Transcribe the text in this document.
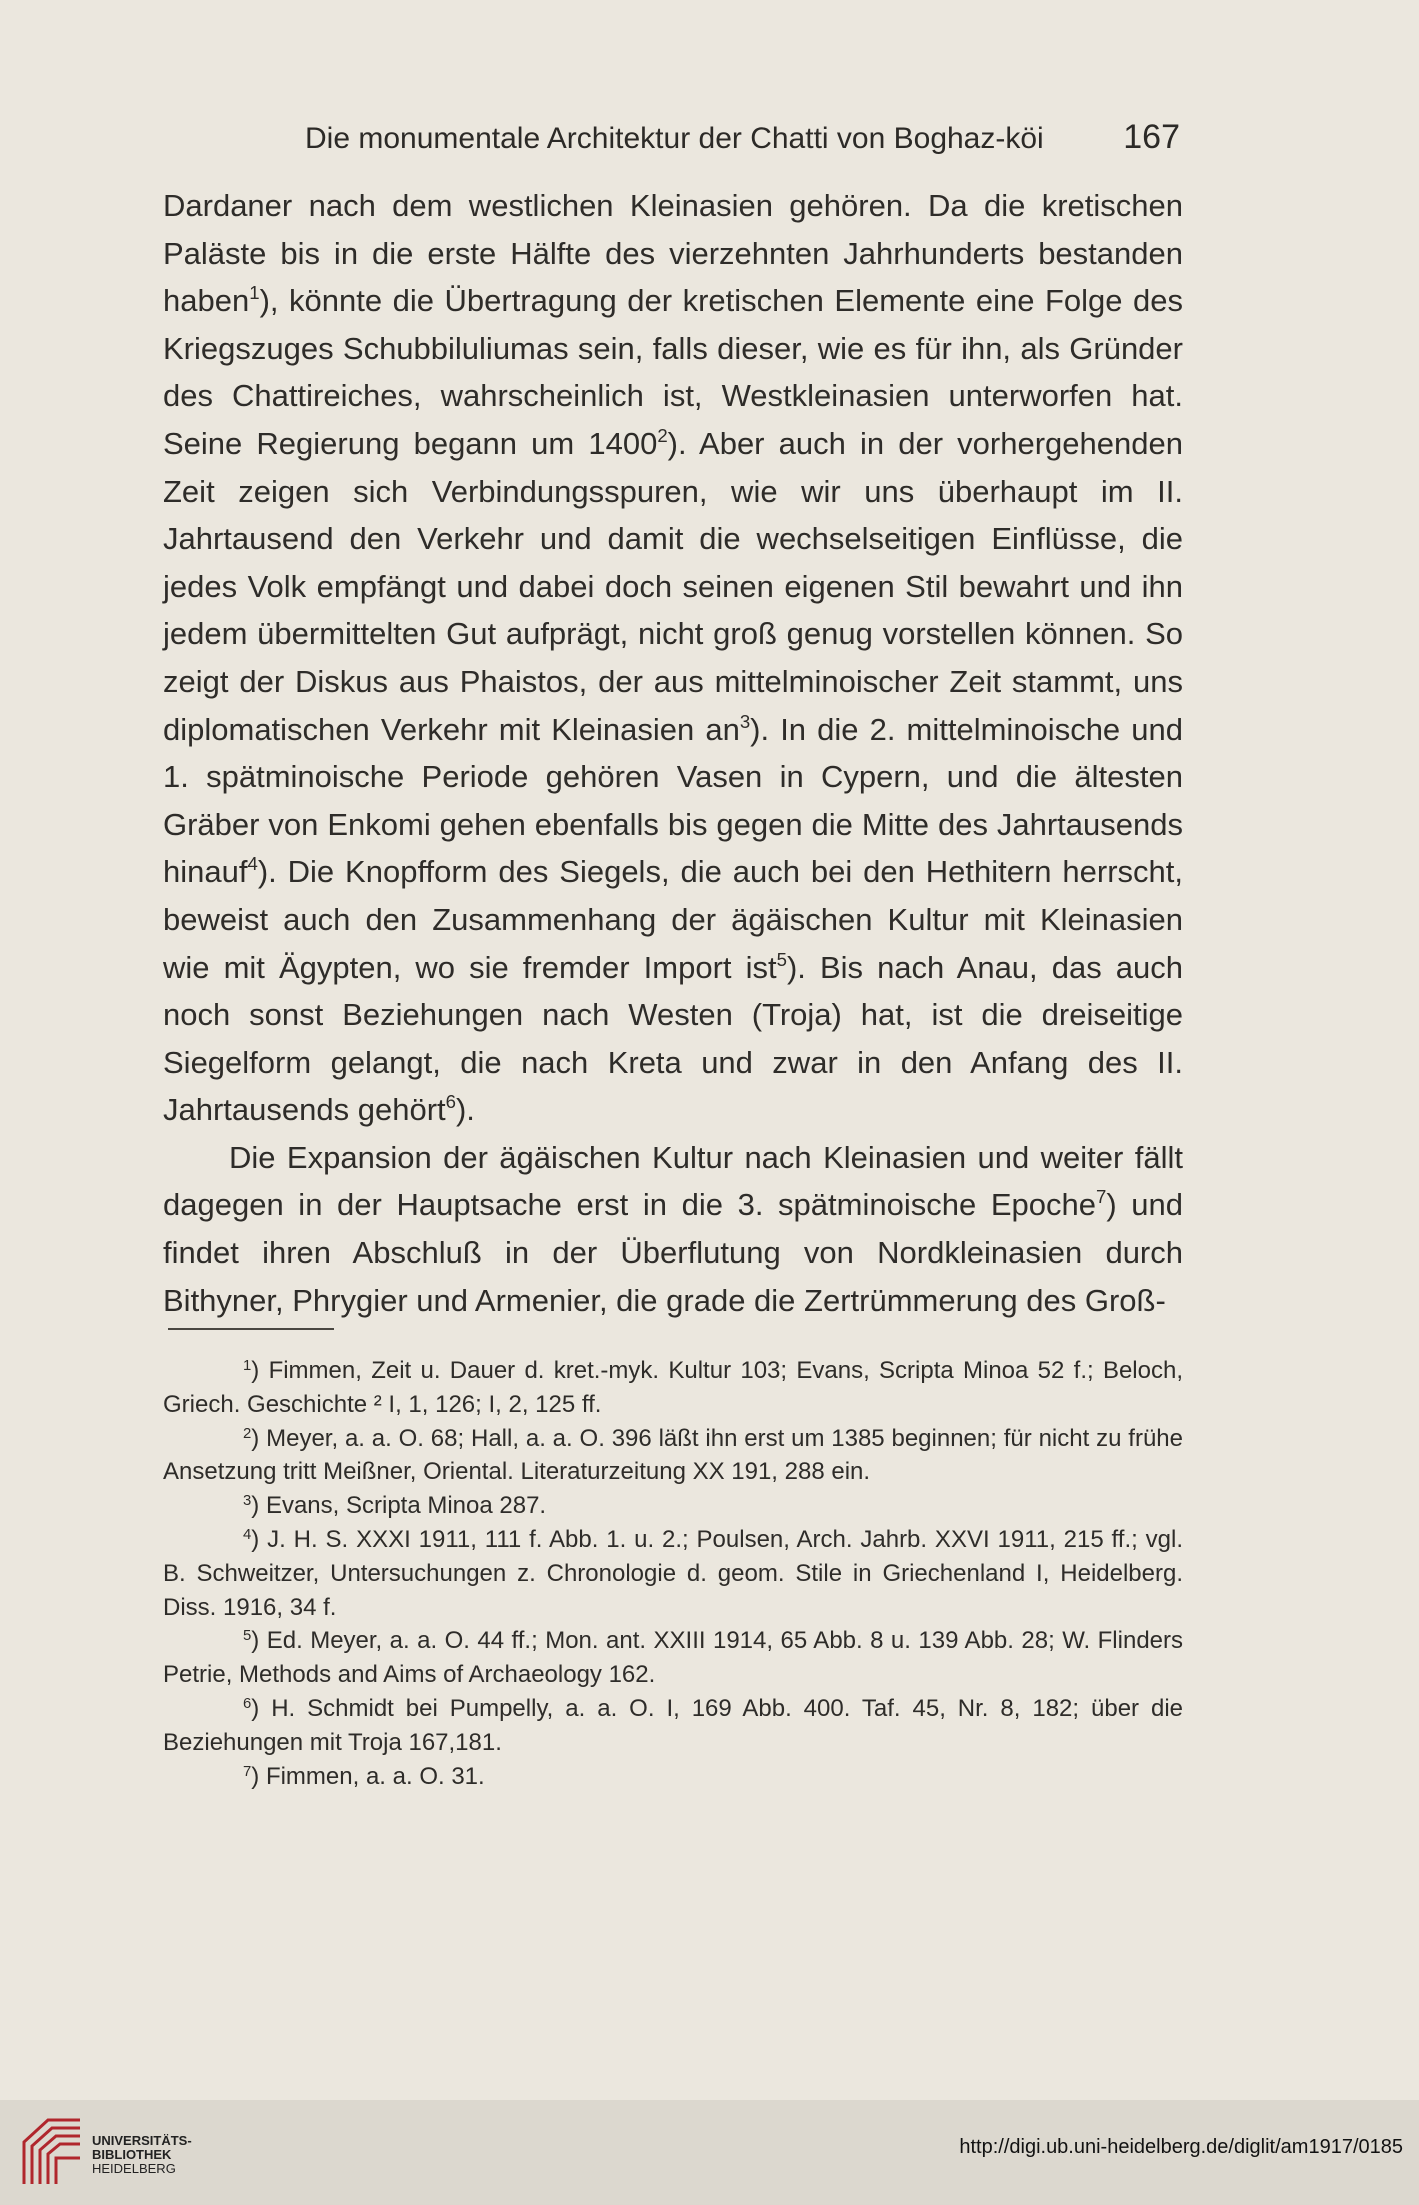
Die monumentale Architektur der Chatti von Boghaz-köi 167

Dardaner nach dem westlichen Kleinasien gehören. Da die kretischen Paläste bis in die erste Hälfte des vierzehnten Jahrhunderts bestanden haben$^1$), könnte die Übertragung der kretischen Elemente eine Folge des Kriegszuges Schubbiluliumas sein, falls dieser, wie es für ihn, als Gründer des Chattireiches, wahrscheinlich ist, Westkleinasien unterworfen hat. Seine Regierung begann um 1400$^2$). Aber auch in der vorhergehenden Zeit zeigen sich Verbindungsspuren, wie wir uns überhaupt im II. Jahrtausend den Verkehr und damit die wechselseitigen Einflüsse, die jedes Volk empfängt und dabei doch seinen eigenen Stil bewahrt und ihn jedem übermittelten Gut aufprägt, nicht groß genug vorstellen können. So zeigt der Diskus aus Phaistos, der aus mittelminoischer Zeit stammt, uns diplomatischen Verkehr mit Kleinasien $an^3$). In die 2. mittelminoische und 1. spätminoische Periode gehören Vasen in Cypern, und die ältesten Gräber von Enkomi gehen ebenfalls bis gegen die Mitte des Jahrtausends hinauf$^4$). Die Knopfform des Siegels, die auch bei den Hethitern herrscht, beweist auch den Zusammenhang der ägäischen Kultur mit Kleinasien wie mit Ägypten, wo sie fremder Import ist$^5$). Bis nach Anau, das auch noch sonst Beziehungen nach Westen (Troja) hat, ist die dreiseitige Siegelform gelangt, die nach Kreta und zwar in den Anfang des II. Jahrtausends gehört$^6$).

Die Expansion der ägäischen Kultur nach Kleinasien und weiter fällt dagegen in der Hauptsache erst in die 3. spätminoische Epoche$^7$) und findet ihren Abschluß in der Überflutung von Nordkleinasien durch Bithyner, Phrygier und Armenier, die grade die Zertrümmerung des Groß-

$^1$) Fimmen, Zeit u. Dauer d. kret.-myk. Kultur 103; Evans, Scripta Minoa 52 f.; Beloch, Griech. Geschichte ² I, 1, 126; I, 2, 125 ff.

$^2$) Meyer, a. a. O. 68; Hall, a. a. O. 396 läßt ihn erst um 1385 beginnen; für nicht zu frühe Ansetzung tritt Meißner, Oriental. Literaturzeitung XX 191, 288 ein.

$^3$) Evans, Scripta Minoa 287.

$^4$) J. H. S. XXXI 1911, 111 f. Abb. 1. u. 2.; Poulsen, Arch. Jahrb. XXVI 1911, 215 ff.; vgl. B. Schweitzer, Untersuchungen z. Chronologie d. geom. Stile in Griechenland I, Heidelberg. Diss. 1916, 34 f.

$^5$) Ed. Meyer, a. a. O. 44 ff.; Mon. ant. XXIII 1914, 65 Abb. 8 u. 139 Abb. 28; W. Flinders Petrie, Methods and Aims of Archaeology 162.

$^6$) H. Schmidt bei Pumpelly, a. a. O. I, 169 Abb. 400. Taf. 45, Nr. 8, 182; über die Beziehungen mit Troja 167,181.

$^7$) Fimmen, a. a. O. 31.

UNIVERSITÄTS-
BIBLIOTHEK
HEIDELBERG
http://digi.ub.uni-heidelberg.de/diglit/am1917/0185
